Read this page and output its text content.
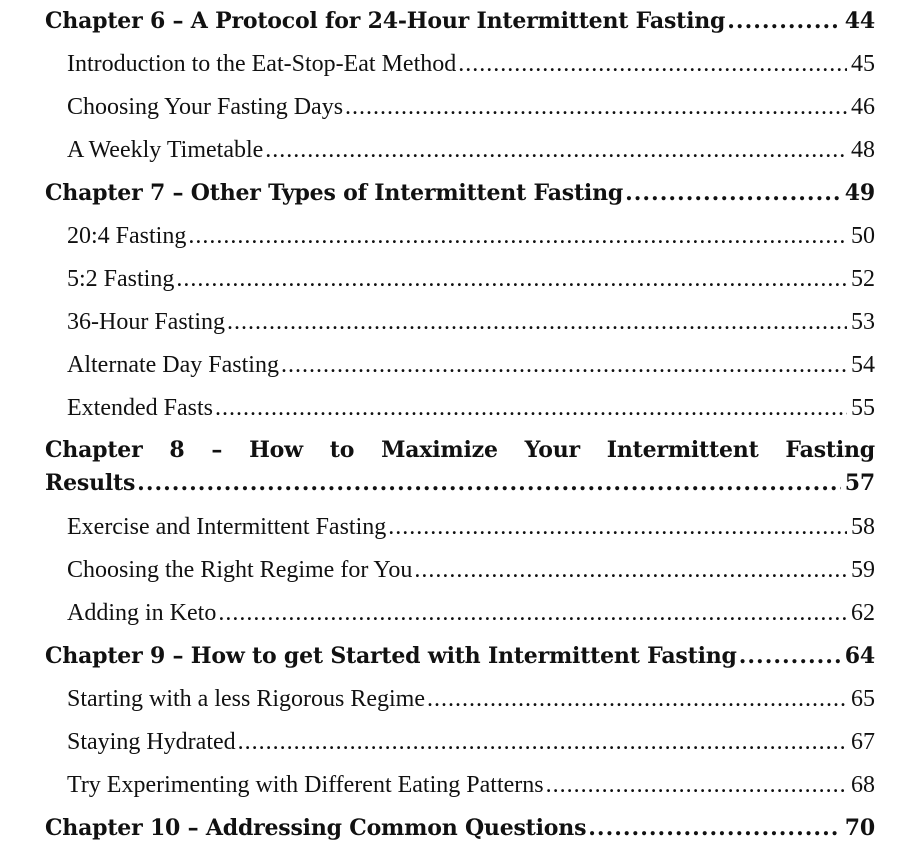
Chapter 6 – A Protocol for 24-Hour Intermittent Fasting .....	44
Introduction to the Eat-Stop-Eat Method .....	45
Choosing Your Fasting Days .....	46
A Weekly Timetable .....	48
Chapter 7 – Other Types of Intermittent Fasting .....	49
20:4 Fasting .....	50
5:2 Fasting .....	52
36-Hour Fasting .....	53
Alternate Day Fasting .....	54
Extended Fasts .....	55
Chapter 8 – How to Maximize Your Intermittent Fasting
Results .....	57
Exercise and Intermittent Fasting .....	58
Choosing the Right Regime for You .....	59
Adding in Keto .....	62
Chapter 9 – How to get Started with Intermittent Fasting .....	64
Starting with a less Rigorous Regime .....	65
Staying Hydrated .....	67
Try Experimenting with Different Eating Patterns .....	68
Chapter 10 – Addressing Common Questions .....	70
